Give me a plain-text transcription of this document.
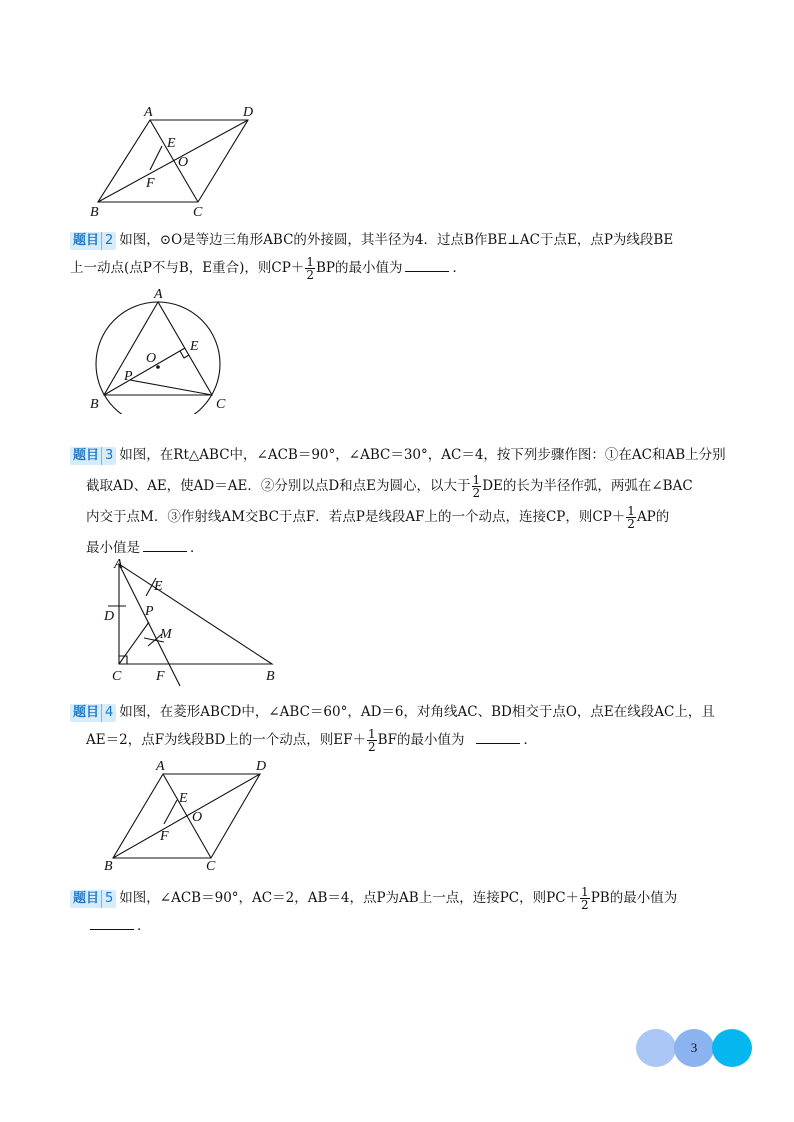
A	D
E
O
F
B	C
题目 2 如图，⊙O是等边三角形ABC的外接圆，其半径为4．过点B作BE⊥AC于点E，点P为线段BE
上一动点(点P不与B，E重合)，则$CP+ \frac{1}{2}$ BP的最小值为	．
A
E
O
P
B	C
题目 3 如图，在Rt△ABC中，∠ACB＝90°，∠ABC＝30°，AC＝4，按下列步骤作图：①在AC和AB上分别
截取AD、AE，使AD＝AE．②分别以点D和点E为圆心，以大于 $\frac{1}{2}$ DE的长为半径作弧，两弧在∠BAC
内交于点M．③作射线AM交BC于点F．若点P是线段AF上的一个动点，连接CP，则$CP+ \frac{1}{2}$ AP的
最小值是	．
A
E
D P
M
C F	B
题目 4 如图，在菱形ABCD中，∠ABC＝60°，AD＝6，对角线AC、BD相交于点O，点E在线段AC上，且
AE＝2，点F为线段BD上的一个动点，则$EF+ \frac{1}{2}$ BF的最小值为	．
A	D
E
O
F
B	C
题目 5 如图，∠ACB＝90°，AC＝2，AB＝4，点P为AB上一点，连接PC，则$PC+ \frac{1}{2}$ PB的最小值为
．
3
